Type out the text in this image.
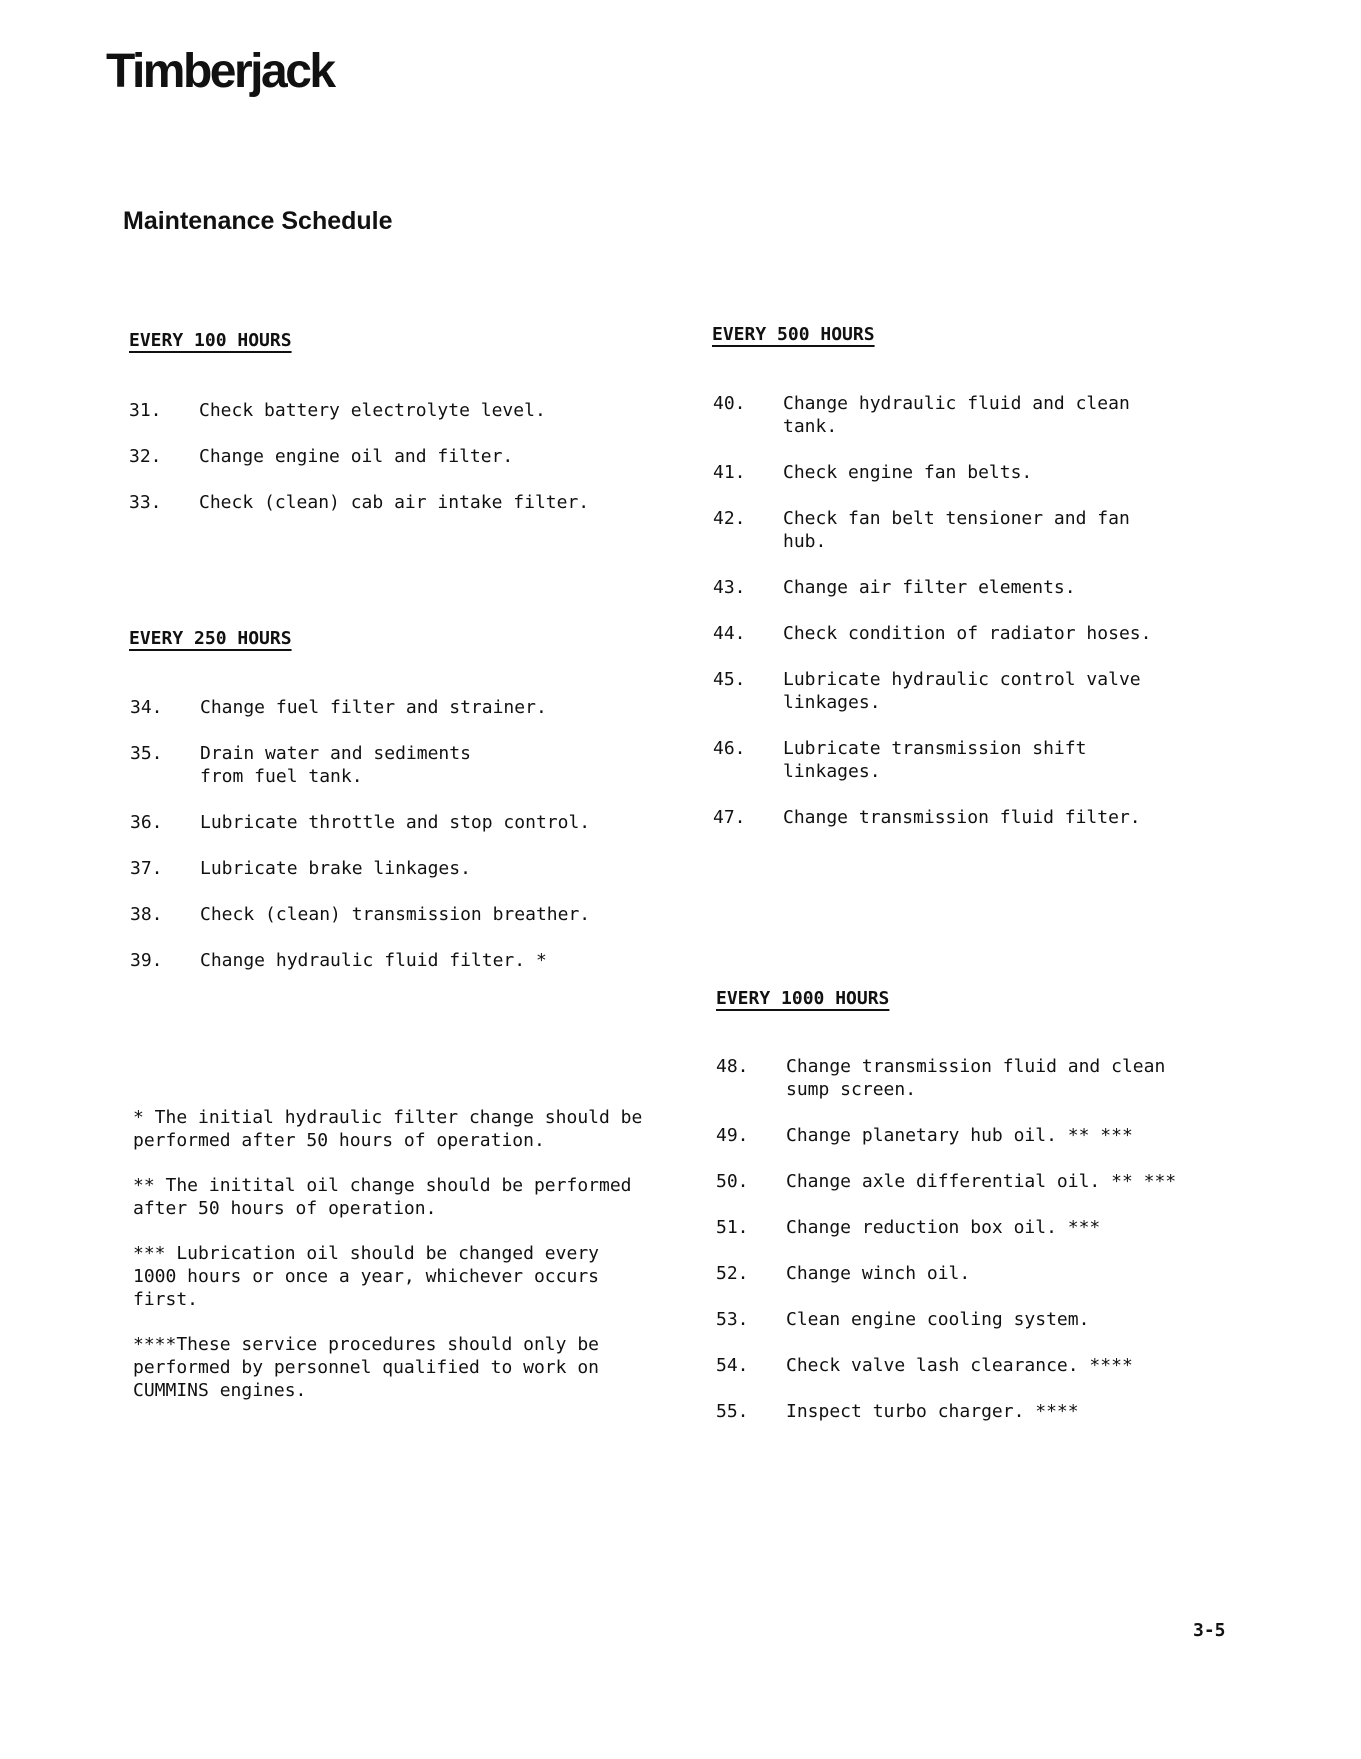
Timberjack
Maintenance Schedule
EVERY 100 HOURS
31. Check battery electrolyte level.
32. Change engine oil and filter.
33. Check (clean) cab air intake filter.
EVERY 250 HOURS
34. Change fuel filter and strainer.
35. Drain water and sediments from fuel tank.
36. Lubricate throttle and stop control.
37. Lubricate brake linkages.
38. Check (clean) transmission breather.
39. Change hydraulic fluid filter. *
EVERY 500 HOURS
40. Change hydraulic fluid and clean tank.
41. Check engine fan belts.
42. Check fan belt tensioner and fan hub.
43. Change air filter elements.
44. Check condition of radiator hoses.
45. Lubricate hydraulic control valve linkages.
46. Lubricate transmission shift linkages.
47. Change transmission fluid filter.
EVERY 1000 HOURS
48. Change transmission fluid and clean sump screen.
49. Change planetary hub oil. ** ***
50. Change axle differential oil. ** ***
51. Change reduction box oil. ***
52. Change winch oil.
53. Clean engine cooling system.
54. Check valve lash clearance. ****
55. Inspect turbo charger. ****
* The initial hydraulic filter change should be performed after 50 hours of operation.
** The initital oil change should be performed after 50 hours of operation.
*** Lubrication oil should be changed every 1000 hours or once a year, whichever occurs first.
****These service procedures should only be performed by personnel qualified to work on CUMMINS engines.
3-5
